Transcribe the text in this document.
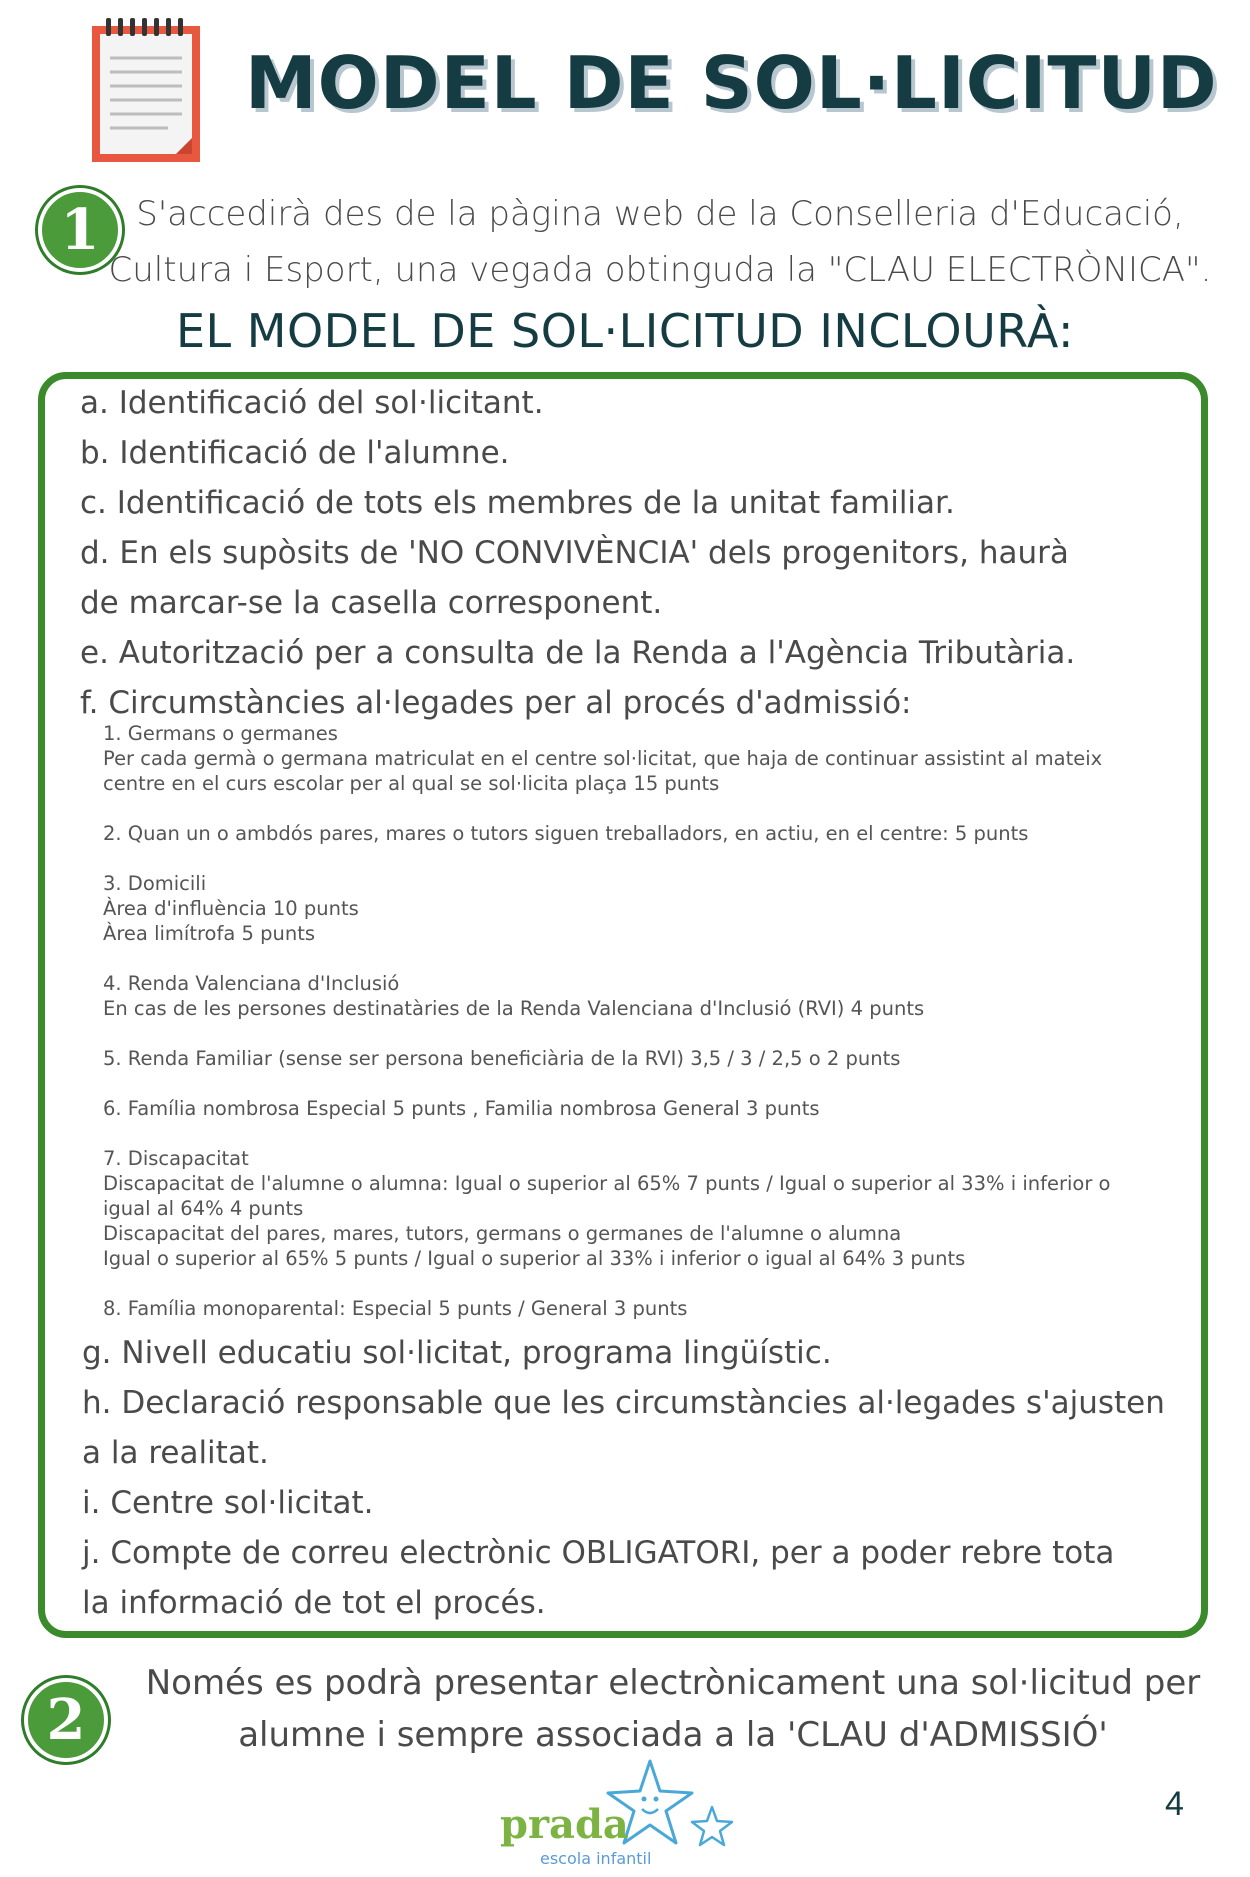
MODEL DE SOL·LICITUD
1	S'accedirà des de la pàgina web de la Conselleria d'Educació, Cultura i Esport, una vegada obtinguda la "CLAU ELECTRÒNICA".
EL MODEL DE SOL·LICITUD INCLOURÀ:
a. Identificació del sol·licitant.
b. Identificació de l'alumne.
c. Identificació de tots els membres de la unitat familiar.
d. En els supòsits de 'NO CONVIVÈNCIA' dels progenitors, haurà de marcar-se la casella corresponent.
e. Autorització per a consulta de la Renda a l'Agència Tributària.
f. Circumstàncies al·legades per al procés d'admissió:
1. Germans o germanes
Per cada germà o germana matriculat en el centre sol·licitat, que haja de continuar assistint al mateix centre en el curs escolar per al qual se sol·licita plaça 15 punts
2. Quan un o ambdós pares, mares o tutors siguen treballadors, en actiu, en el centre: 5 punts
3. Domicili
Àrea d'influència 10 punts
Àrea limítrofa 5 punts
4. Renda Valenciana d'Inclusió
En cas de les persones destinatàries de la Renda Valenciana d'Inclusió (RVI) 4 punts
5. Renda Familiar (sense ser persona beneficiària de la RVI) 3,5 / 3 / 2,5 o 2 punts
6. Família nombrosa Especial 5 punts , Familia nombrosa General 3 punts
7. Discapacitat
Discapacitat de l'alumne o alumna: Igual o superior al 65% 7 punts / Igual o superior al 33% i inferior o igual al 64% 4 punts
Discapacitat del pares, mares, tutors, germans o germanes de l'alumne o alumna
Igual o superior al 65% 5 punts / Igual o superior al 33% i inferior o igual al 64% 3 punts
8. Família monoparental: Especial 5 punts / General 3 punts
g. Nivell educatiu sol·licitat, programa lingüístic.
h. Declaració responsable que les circumstàncies al·legades s'ajusten a la realitat.
i. Centre sol·licitat.
j. Compte de correu electrònic OBLIGATORI, per a poder rebre tota la informació de tot el procés.
2
Només es podrà presentar electrònicament una sol·licitud per alumne i sempre associada a la 'CLAU d'ADMISSIÓ'
prada
escola infantil
4
